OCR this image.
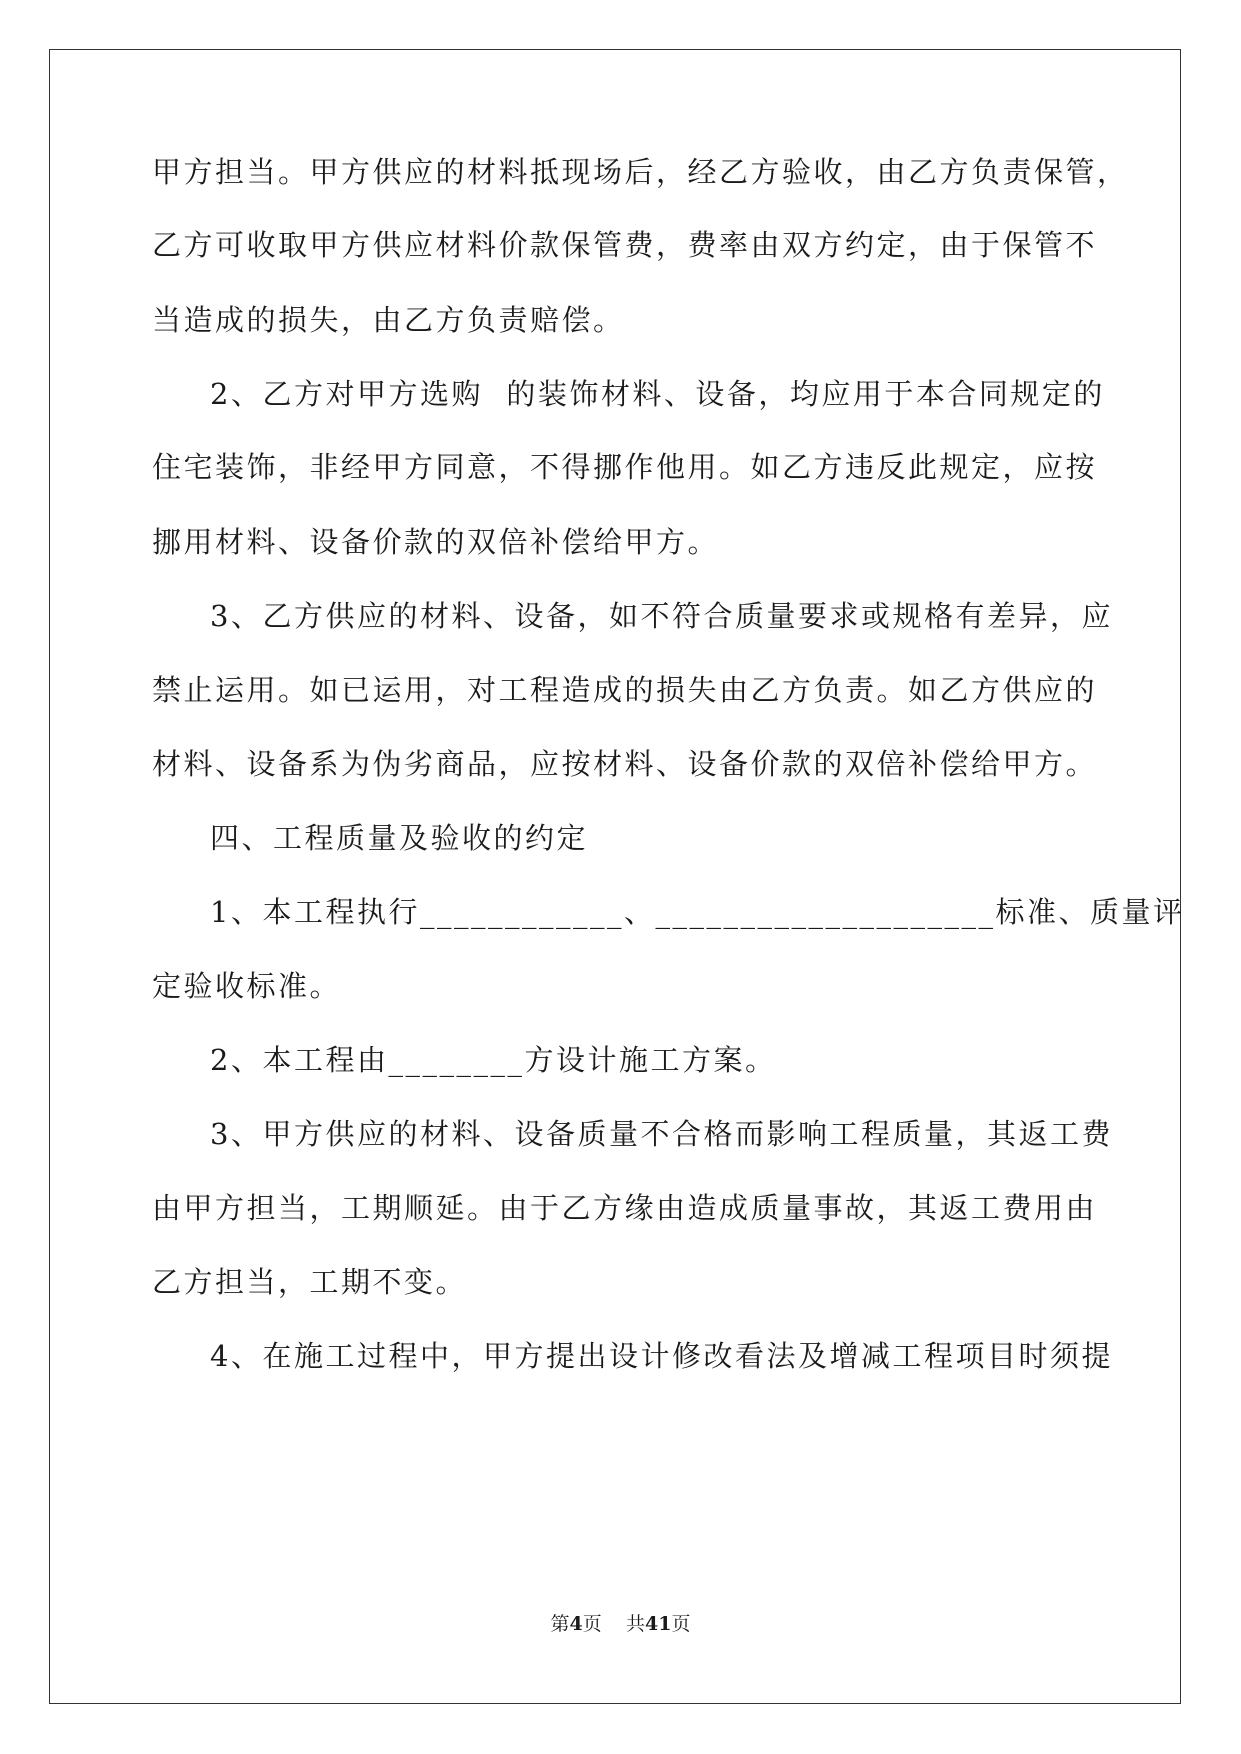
甲方担当。甲方供应的材料抵现场后，经乙方验收，由乙方负责保管，
乙方可收取甲方供应材料价款保管费，费率由双方约定，由于保管不
当造成的损失，由乙方负责赔偿。
2、乙方对甲方选购  的装饰材料、设备，均应用于本合同规定的
住宅装饰，非经甲方同意，不得挪作他用。如乙方违反此规定，应按
挪用材料、设备价款的双倍补偿给甲方。
3、乙方供应的材料、设备，如不符合质量要求或规格有差异，应
禁止运用。如已运用，对工程造成的损失由乙方负责。如乙方供应的
材料、设备系为伪劣商品，应按材料、设备价款的双倍补偿给甲方。
四、工程质量及验收的约定
1、本工程执行____________、____________________标准、质量评
定验收标准。
2、本工程由________方设计施工方案。
3、甲方供应的材料、设备质量不合格而影响工程质量，其返工费
由甲方担当，工期顺延。由于乙方缘由造成质量事故，其返工费用由
乙方担当，工期不变。
4、在施工过程中，甲方提出设计修改看法及增减工程项目时须提
第4页 共41页
